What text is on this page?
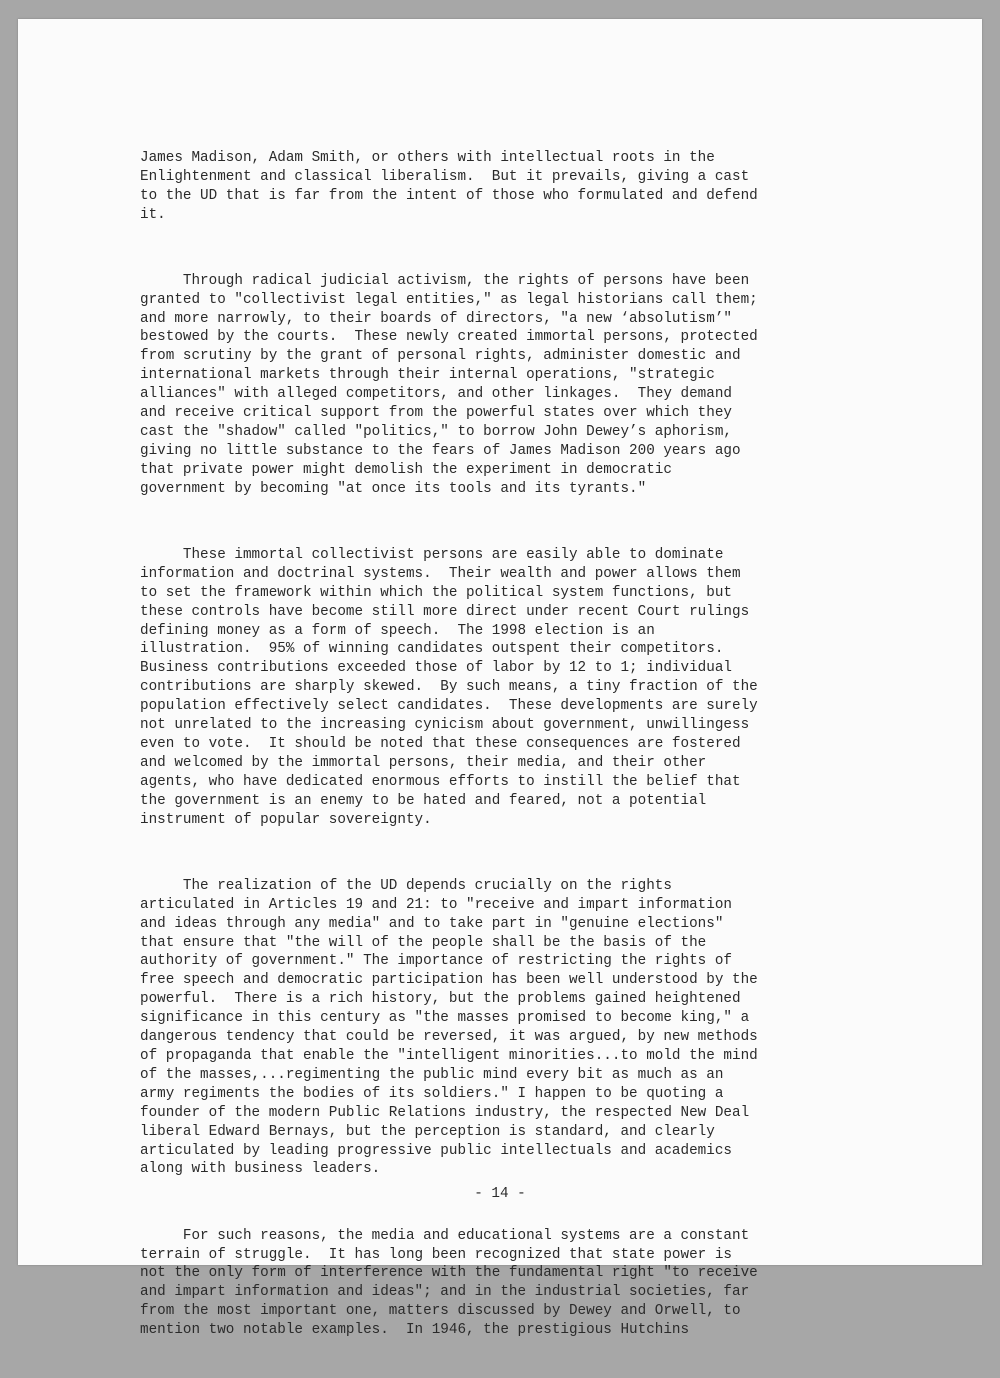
James Madison, Adam Smith, or others with intellectual roots in the
Enlightenment and classical liberalism.  But it prevails, giving a cast
to the UD that is far from the intent of those who formulated and defend
it.

Through radical judicial activism, the rights of persons have been
granted to "collectivist legal entities," as legal historians call them;
and more narrowly, to their boards of directors, "a new ‘absolutism’"
bestowed by the courts.  These newly created immortal persons, protected
from scrutiny by the grant of personal rights, administer domestic and
international markets through their internal operations, "strategic
alliances" with alleged competitors, and other linkages.  They demand
and receive critical support from the powerful states over which they
cast the "shadow" called "politics," to borrow John Dewey’s aphorism,
giving no little substance to the fears of James Madison 200 years ago
that private power might demolish the experiment in democratic
government by becoming "at once its tools and its tyrants."

These immortal collectivist persons are easily able to dominate
information and doctrinal systems.  Their wealth and power allows them
to set the framework within which the political system functions, but
these controls have become still more direct under recent Court rulings
defining money as a form of speech.  The 1998 election is an
illustration.  95% of winning candidates outspent their competitors.
Business contributions exceeded those of labor by 12 to 1; individual
contributions are sharply skewed.  By such means, a tiny fraction of the
population effectively select candidates.  These developments are surely
not unrelated to the increasing cynicism about government, unwillingess
even to vote.  It should be noted that these consequences are fostered
and welcomed by the immortal persons, their media, and their other
agents, who have dedicated enormous efforts to instill the belief that
the government is an enemy to be hated and feared, not a potential
instrument of popular sovereignty.

The realization of the UD depends crucially on the rights
articulated in Articles 19 and 21: to "receive and impart information
and ideas through any media" and to take part in "genuine elections"
that ensure that "the will of the people shall be the basis of the
authority of government." The importance of restricting the rights of
free speech and democratic participation has been well understood by the
powerful.  There is a rich history, but the problems gained heightened
significance in this century as "the masses promised to become king," a
dangerous tendency that could be reversed, it was argued, by new methods
of propaganda that enable the "intelligent minorities...to mold the mind
of the masses,...regimenting the public mind every bit as much as an
army regiments the bodies of its soldiers." I happen to be quoting a
founder of the modern Public Relations industry, the respected New Deal
liberal Edward Bernays, but the perception is standard, and clearly
articulated by leading progressive public intellectuals and academics
along with business leaders.

For such reasons, the media and educational systems are a constant
terrain of struggle.  It has long been recognized that state power is
not the only form of interference with the fundamental right "to receive
and impart information and ideas"; and in the industrial societies, far
from the most important one, matters discussed by Dewey and Orwell, to
mention two notable examples.  In 1946, the prestigious Hutchins

- 14 -
